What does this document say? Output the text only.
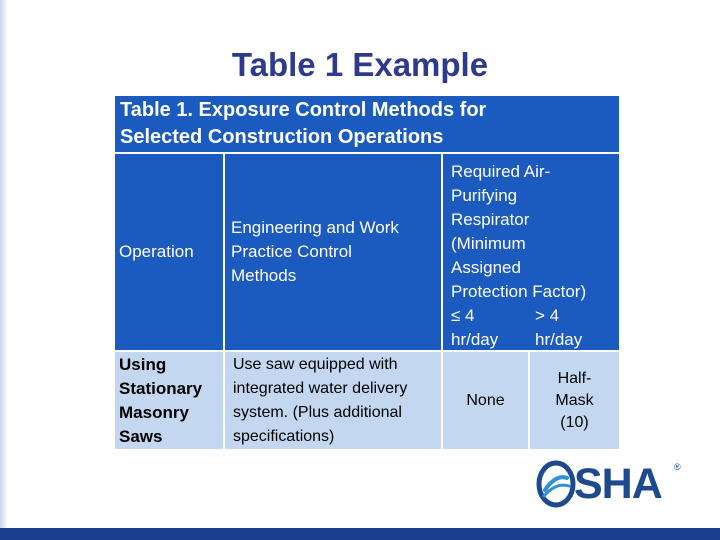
Table 1 Example
Table 1. Exposure Control Methods for
Selected Construction Operations
Operation
Engineering and Work
Practice Control
Methods
Required Air-
Purifying
Respirator
(Minimum
Assigned
Protection Factor)
≤ 4	> 4
hr/day	hr/day
Using
Stationary
Masonry
Saws
Use saw equipped with
integrated water delivery
system. (Plus additional
specifications)
None
Half-
Mask
(10)
SHA ®
